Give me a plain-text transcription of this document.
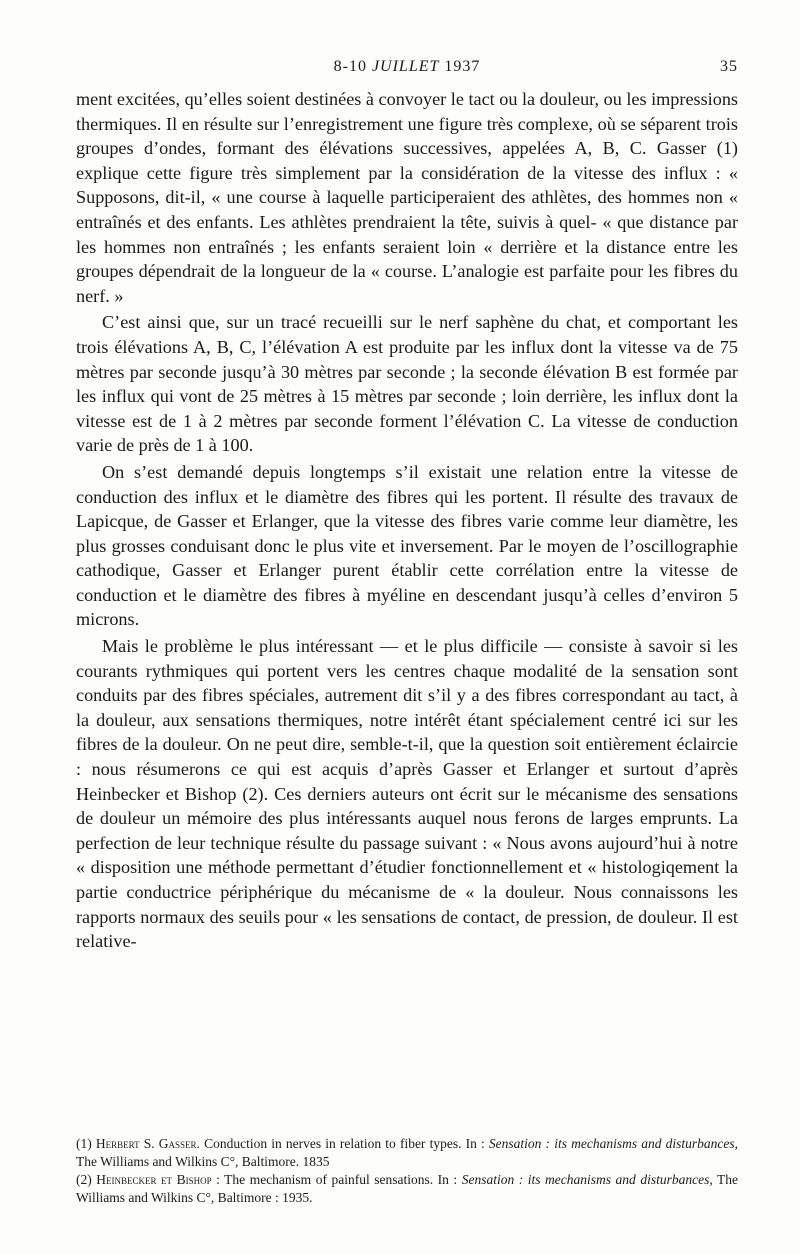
8-10 JUILLET 1937	35

ment excitées, qu’elles soient destinées à convoyer le tact ou la douleur, ou les impressions thermiques. Il en résulte sur l’enregistrement une figure très complexe, où se séparent trois groupes d’ondes, formant des élévations successives, appelées A, B, C. Gasser (1) explique cette figure très simplement par la considération de la vitesse des influx : « Supposons, dit-il, « une course à laquelle participeraient des athlètes, des hommes non « entraînés et des enfants. Les athlètes prendraient la tête, suivis à quel- « que distance par les hommes non entraînés ; les enfants seraient loin « derrière et la distance entre les groupes dépendrait de la longueur de la « course. L’analogie est parfaite pour les fibres du nerf. »

C’est ainsi que, sur un tracé recueilli sur le nerf saphène du chat, et comportant les trois élévations A, B, C, l’élévation A est produite par les influx dont la vitesse va de 75 mètres par seconde jusqu’à 30 mètres par seconde ; la seconde élévation B est formée par les influx qui vont de 25 mètres à 15 mètres par seconde ; loin derrière, les influx dont la vitesse est de 1 à 2 mètres par seconde forment l’élévation C. La vitesse de conduction varie de près de 1 à 100.

On s’est demandé depuis longtemps s’il existait une relation entre la vitesse de conduction des influx et le diamètre des fibres qui les portent. Il résulte des travaux de Lapicque, de Gasser et Erlanger, que la vitesse des fibres varie comme leur diamètre, les plus grosses conduisant donc le plus vite et inversement. Par le moyen de l’oscillographie cathodique, Gasser et Erlanger purent établir cette corrélation entre la vitesse de conduction et le diamètre des fibres à myéline en descendant jusqu’à celles d’environ 5 microns.

Mais le problème le plus intéressant — et le plus difficile — consiste à savoir si les courants rythmiques qui portent vers les centres chaque modalité de la sensation sont conduits par des fibres spéciales, autrement dit s’il y a des fibres correspondant au tact, à la douleur, aux sensations thermiques, notre intérêt étant spécialement centré ici sur les fibres de la douleur. On ne peut dire, semble-t-il, que la question soit entièrement éclaircie : nous résumerons ce qui est acquis d’après Gasser et Erlanger et surtout d’après Heinbecker et Bishop (2). Ces derniers auteurs ont écrit sur le mécanisme des sensations de douleur un mémoire des plus intéressants auquel nous ferons de larges emprunts. La perfection de leur technique résulte du passage suivant : « Nous avons aujourd’hui à notre « disposition une méthode permettant d’étudier fonctionnellement et « histologiqement la partie conductrice périphérique du mécanisme de « la douleur. Nous connaissons les rapports normaux des seuils pour « les sensations de contact, de pression, de douleur. Il est relative-

(1) Herbert S. Gasser. Conduction in nerves in relation to fiber types. In : Sensation : its mechanisms and disturbances, The Williams and Wilkins C°, Baltimore. 1835

(2) Heinbecker et Bishop : The mechanism of painful sensations. In : Sensation : its mechanisms and disturbances, The Williams and Wilkins C°, Baltimore : 1935.
